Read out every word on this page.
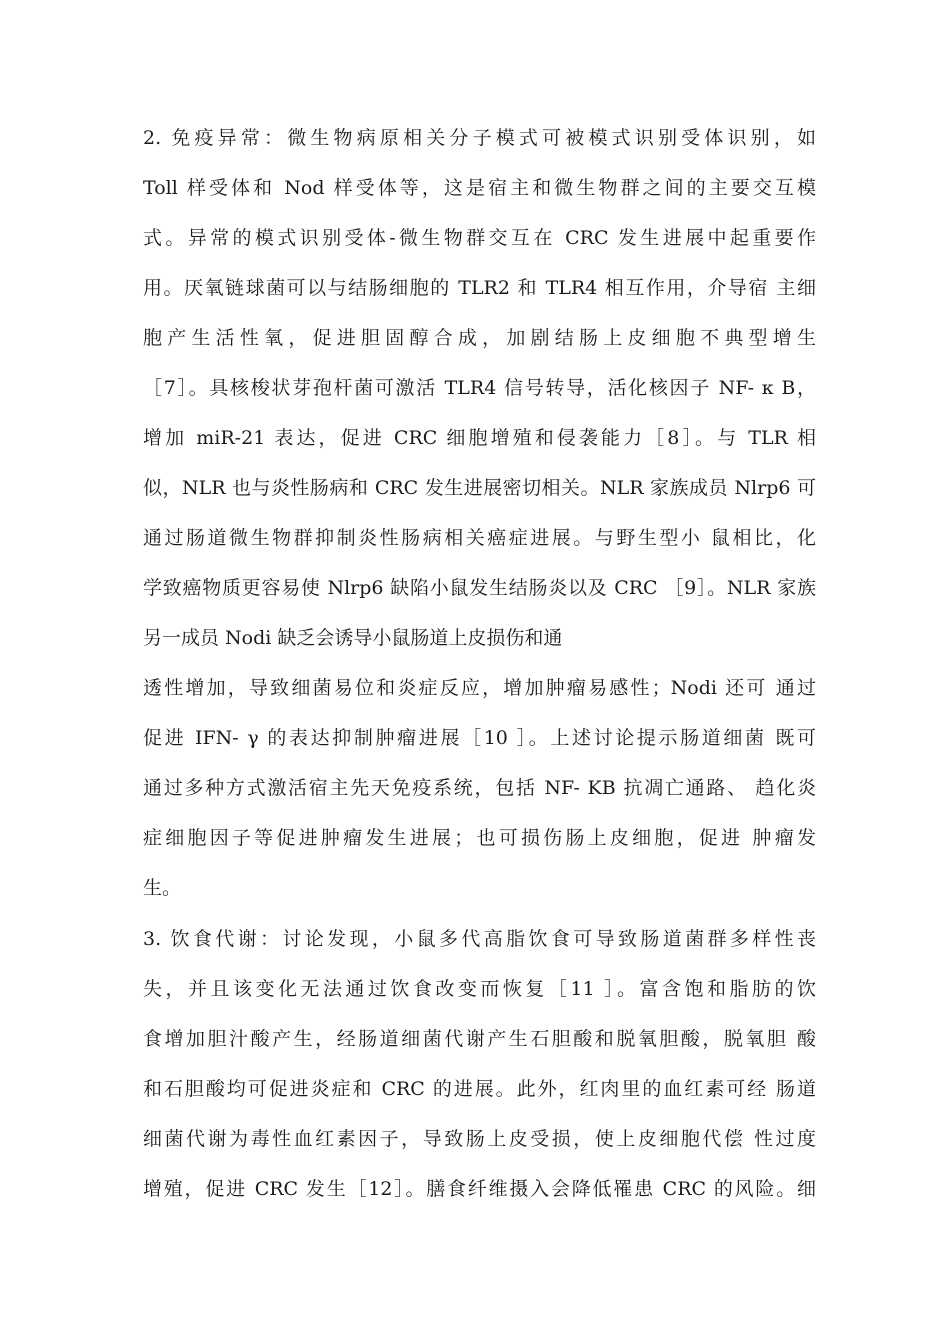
2. 免疫异常：微生物病原相关分子模式可被模式识别受体识别，如
Toll 样受体和 Nod 样受体等，这是宿主和微生物群之间的主要交互模
式。异常的模式识别受体-微生物群交互在 CRC 发生进展中起重要作
用。厌氧链球菌可以与结肠细胞的 TLR2 和 TLR4 相互作用，介导宿 主细
胞产生活性氧，促进胆固醇合成，加剧结肠上皮细胞不典型增生
［7］。具核梭状芽孢杆菌可激活 TLR4 信号转导，活化核因子 NF- κ B，
增加 miR-21 表达，促进 CRC 细胞增殖和侵袭能力［8］。与 TLR 相
似，NLR 也与炎性肠病和 CRC 发生进展密切相关。NLR 家族成员 Nlrp6 可
通过肠道微生物群抑制炎性肠病相关癌症进展。与野生型小 鼠相比，化
学致癌物质更容易使 Nlrp6 缺陷小鼠发生结肠炎以及 CRC ［9］。NLR 家族
另一成员 Nodi 缺乏会诱导小鼠肠道上皮损伤和通
透性增加，导致细菌易位和炎症反应，增加肿瘤易感性；Nodi 还可 通过
促进 IFN- γ 的表达抑制肿瘤进展［10 ］。上述讨论提示肠道细菌 既可
通过多种方式激活宿主先天免疫系统，包括 NF- KB 抗凋亡通路、 趋化炎
症细胞因子等促进肿瘤发生进展；也可损伤肠上皮细胞，促进 肿瘤发
生。
3. 饮食代谢：讨论发现，小鼠多代高脂饮食可导致肠道菌群多样性丧
失，并且该变化无法通过饮食改变而恢复［11 ］。富含饱和脂肪的饮
食增加胆汁酸产生，经肠道细菌代谢产生石胆酸和脱氧胆酸，脱氧胆 酸
和石胆酸均可促进炎症和 CRC 的进展。此外，红肉里的血红素可经 肠道
细菌代谢为毒性血红素因子，导致肠上皮受损，使上皮细胞代偿 性过度
增殖，促进 CRC 发生［12］。膳食纤维摄入会降低罹患 CRC 的风险。细
